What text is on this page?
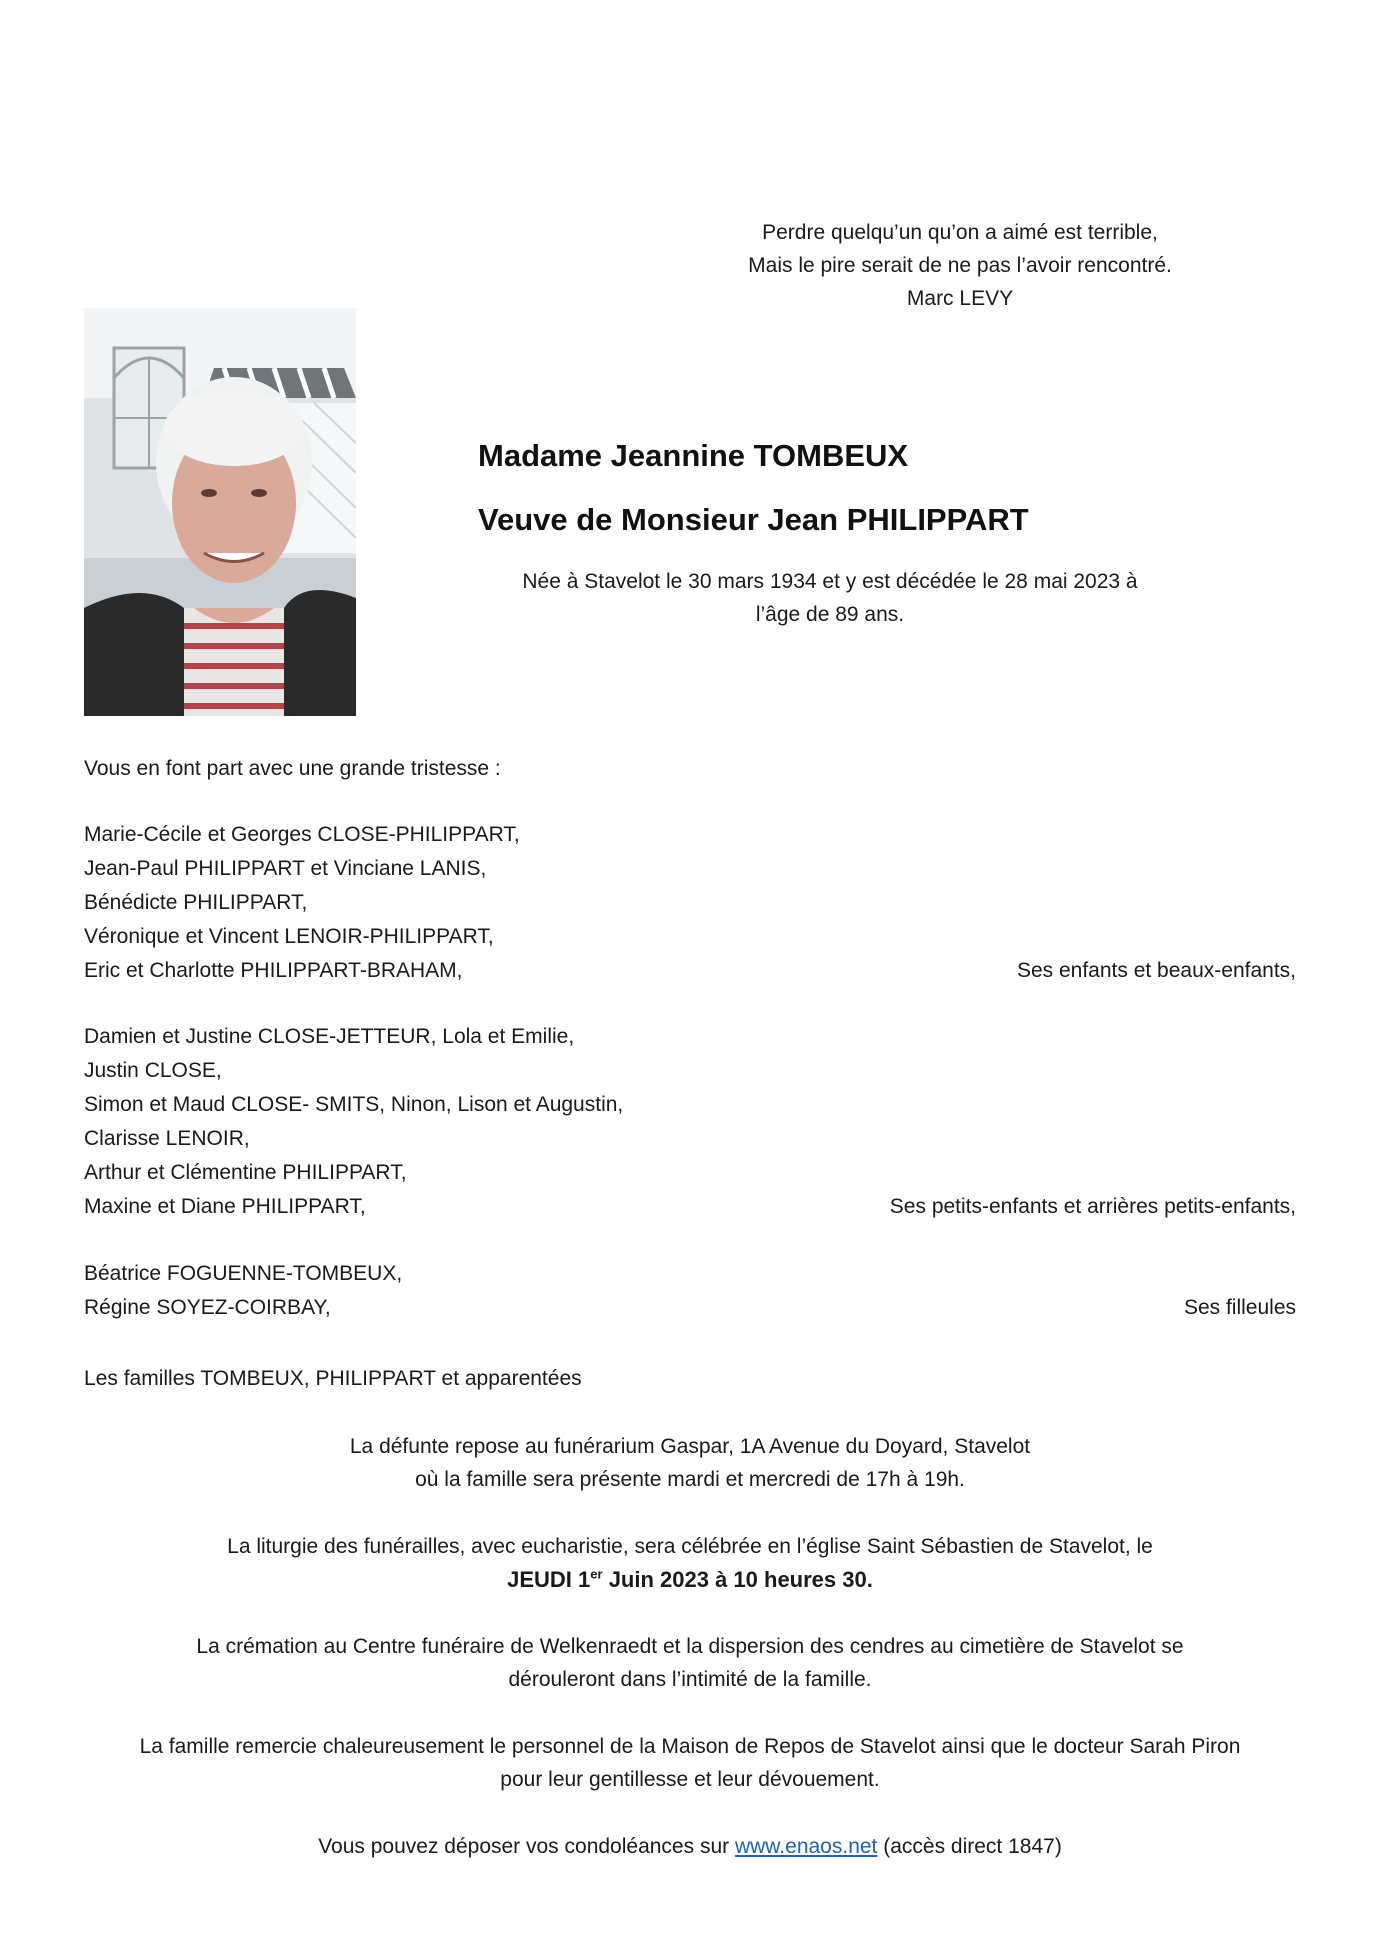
Perdre quelqu’un qu’on a aimé est terrible,
Mais le pire serait de ne pas l’avoir rencontré.
Marc LEVY
Madame Jeannine TOMBEUX
Veuve de Monsieur Jean PHILIPPART
Née à Stavelot le 30 mars 1934 et y est décédée le 28 mai 2023 à
l’âge de 89 ans.
Vous en font part avec une grande tristesse :
Marie-Cécile et Georges CLOSE-PHILIPPART,
Jean-Paul PHILIPPART et Vinciane LANIS,
Bénédicte PHILIPPART,
Véronique et Vincent LENOIR-PHILIPPART,
Eric et Charlotte PHILIPPART-BRAHAM,	Ses enfants et beaux-enfants,
Damien et Justine CLOSE-JETTEUR, Lola et Emilie,
Justin CLOSE,
Simon et Maud CLOSE- SMITS, Ninon, Lison et Augustin,
Clarisse LENOIR,
Arthur et Clémentine PHILIPPART,
Maxine et Diane PHILIPPART,	Ses petits-enfants et arrières petits-enfants,
Béatrice FOGUENNE-TOMBEUX,
Régine SOYEZ-COIRBAY,	Ses filleules
Les familles TOMBEUX, PHILIPPART et apparentées
La défunte repose au funérarium Gaspar, 1A Avenue du Doyard, Stavelot
où la famille sera présente mardi et mercredi de 17h à 19h.
La liturgie des funérailles, avec eucharistie, sera célébrée en l’église Saint Sébastien de Stavelot, le
JEUDI 1er Juin 2023 à 10 heures 30.
La crémation au Centre funéraire de Welkenraedt et la dispersion des cendres au cimetière de Stavelot se
dérouleront dans l’intimité de la famille.
La famille remercie chaleureusement le personnel de la Maison de Repos de Stavelot ainsi que le docteur Sarah Piron
pour leur gentillesse et leur dévouement.
Vous pouvez déposer vos condoléances sur www.enaos.net (accès direct 1847)
